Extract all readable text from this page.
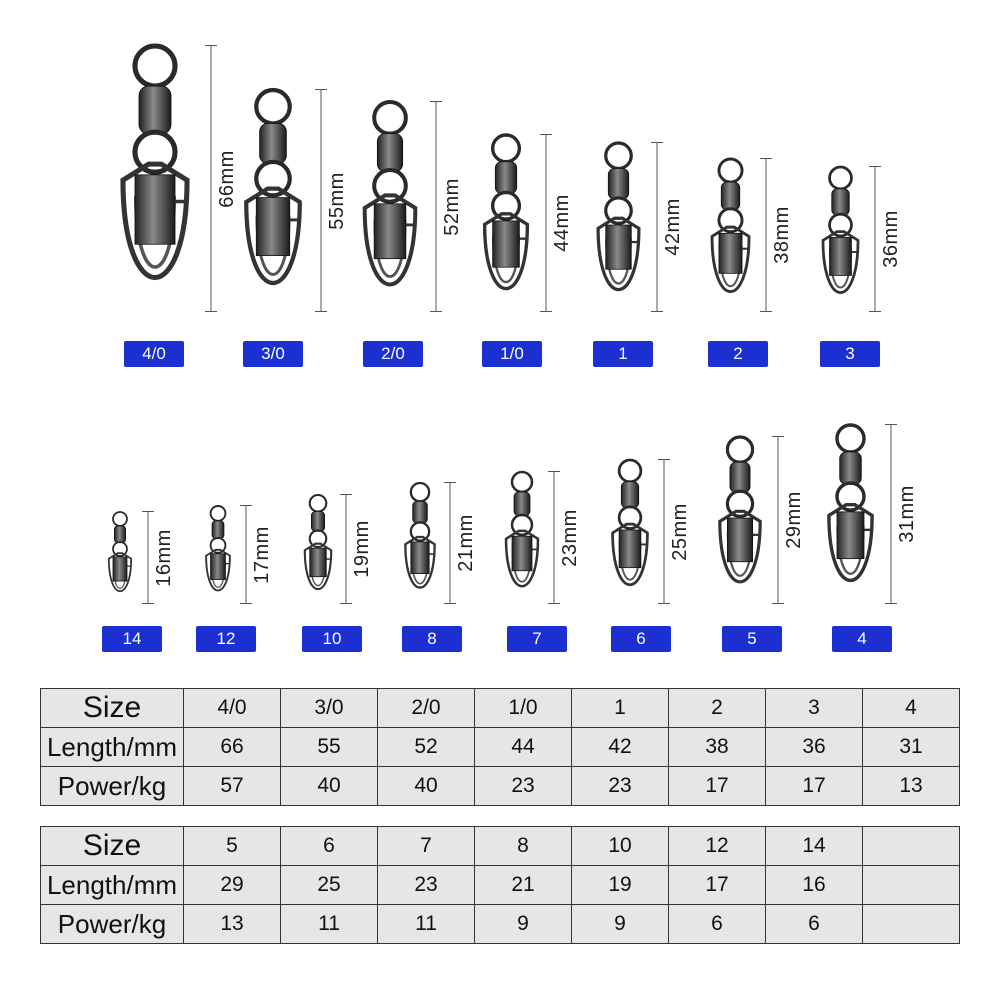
66mm
4/0
55mm
3/0
52mm
2/0
44mm
1/0
42mm
1
38mm
2
36mm
3
16mm
14
17mm
12
19mm
10
21mm
8
23mm
7
25mm
6
29mm
5
31mm
4
Size	4/0	3/0	2/0	1/0	1	2	3	4
Length/mm	66	55	52	44	42	38	36	31
Power/kg	57	40	40	23	23	17	17	13
Size	5	6	7	8	10	12	14	
Length/mm	29	25	23	21	19	17	16	
Power/kg	13	11	11	9	9	6	6	
